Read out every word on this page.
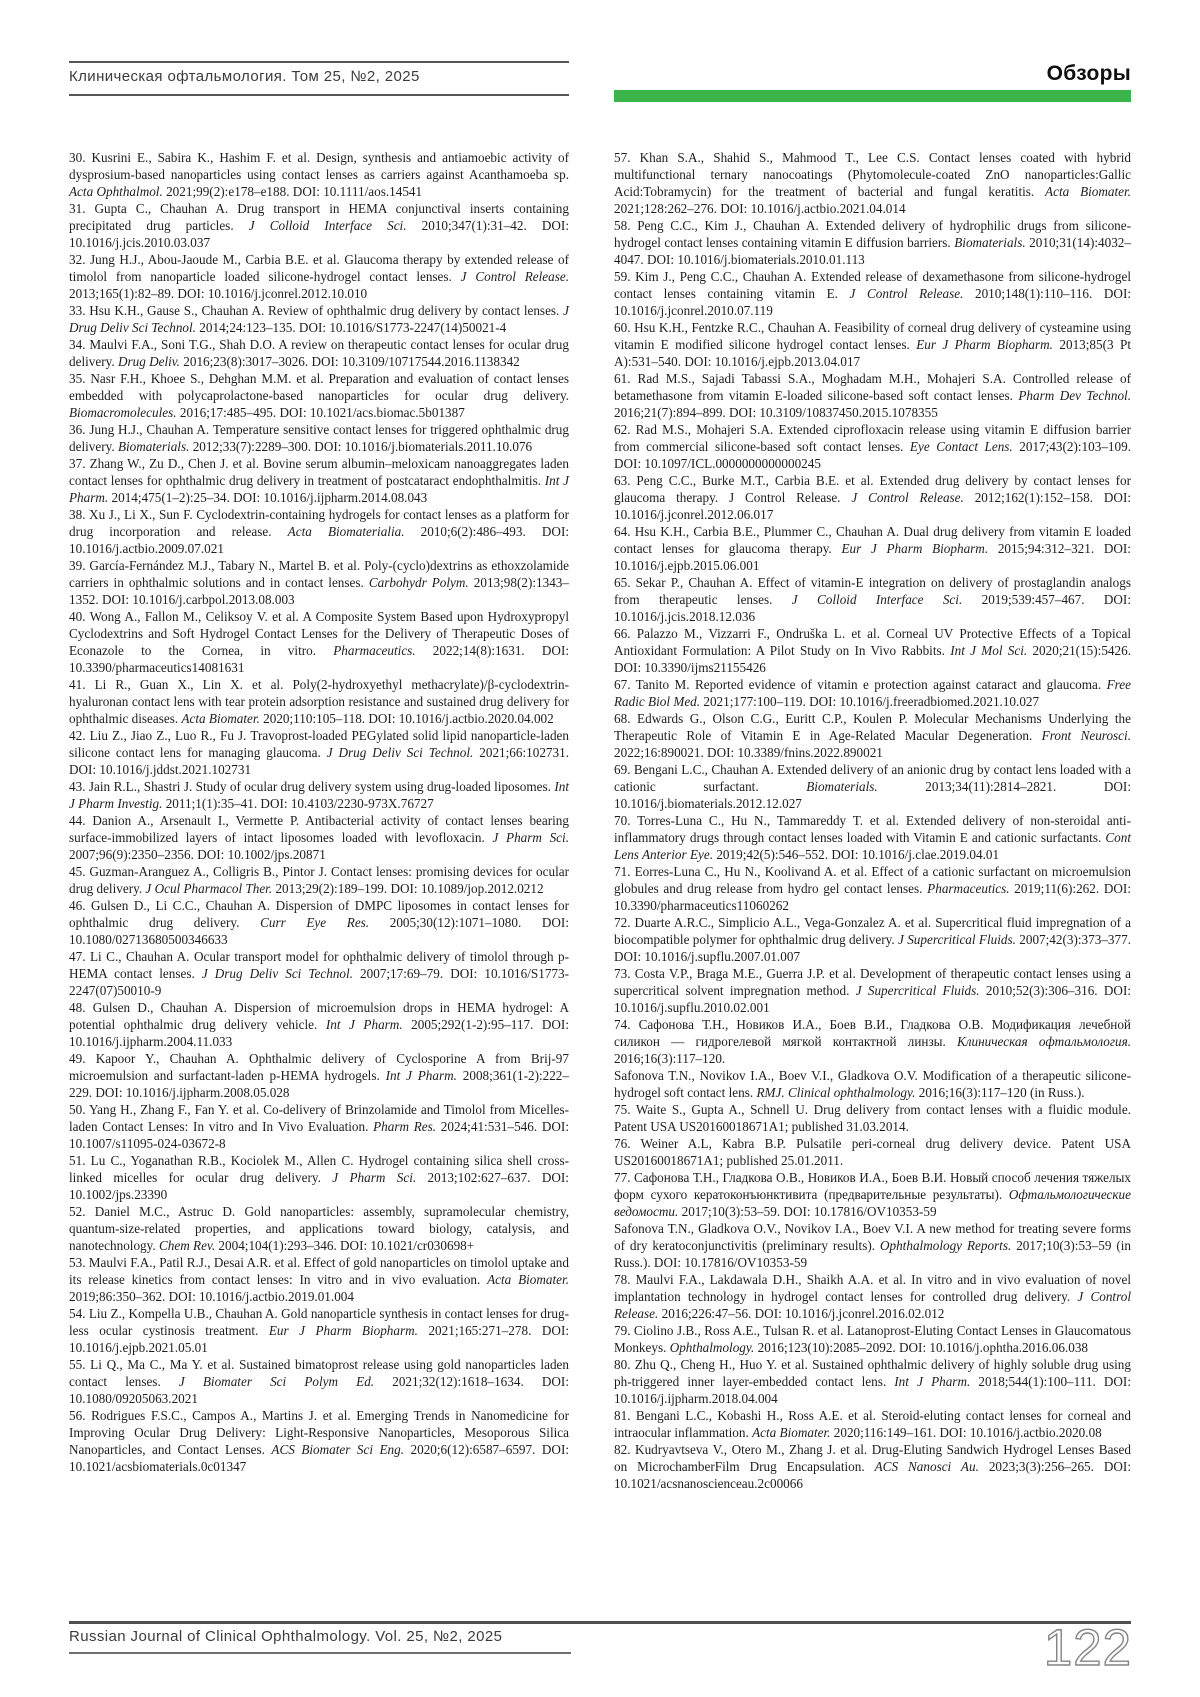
Клиническая офтальмология. Том 25, №2, 2025	Обзоры

30. Kusrini E., Sabira K., Hashim F. et al. Design, synthesis and antiamoebic activity of dysprosium-based nanoparticles using contact lenses as carriers against Acanthamoeba sp. Acta Ophthalmol. 2021;99(2):e178–e188. DOI: 10.1111/aos.14541

31. Gupta C., Chauhan A. Drug transport in HEMA conjunctival inserts containing precipitated drug particles. J Colloid Interface Sci. 2010;347(1):31–42. DOI: 10.1016/j.jcis.2010.03.037

32. Jung H.J., Abou-Jaoude M., Carbia B.E. et al. Glaucoma therapy by extended release of timolol from nanoparticle loaded silicone-hydrogel contact lenses. J Control Release. 2013;165(1):82–89. DOI: 10.1016/j.jconrel.2012.10.010

33. Hsu K.H., Gause S., Chauhan A. Review of ophthalmic drug delivery by contact lenses. J Drug Deliv Sci Technol. 2014;24:123–135. DOI: 10.1016/S1773-2247(14)50021-4

34. Maulvi F.A., Soni T.G., Shah D.O. A review on therapeutic contact lenses for ocular drug delivery. Drug Deliv. 2016;23(8):3017–3026. DOI: 10.3109/10717544.2016.1138342

35. Nasr F.H., Khoee S., Dehghan M.M. et al. Preparation and evaluation of contact lenses embedded with polycaprolactone-based nanoparticles for ocular drug delivery. Biomacromolecules. 2016;17:485–495. DOI: 10.1021/acs.biomac.5b01387

36. Jung H.J., Chauhan A. Temperature sensitive contact lenses for triggered ophthalmic drug delivery. Biomaterials. 2012;33(7):2289–300. DOI: 10.1016/j.biomaterials.2011.10.076

37. Zhang W., Zu D., Chen J. et al. Bovine serum albumin–meloxicam nanoaggregates laden contact lenses for ophthalmic drug delivery in treatment of postcataract endophthalmitis. Int J Pharm. 2014;475(1–2):25–34. DOI: 10.1016/j.ijpharm.2014.08.043

38. Xu J., Li X., Sun F. Cyclodextrin-containing hydrogels for contact lenses as a platform for drug incorporation and release. Acta Biomaterialia. 2010;6(2):486–493. DOI: 10.1016/j.actbio.2009.07.021

39. García-Fernández M.J., Tabary N., Martel B. et al. Poly-(cyclo)dextrins as ethoxzolamide carriers in ophthalmic solutions and in contact lenses. Carbohydr Polym. 2013;98(2):1343–1352. DOI: 10.1016/j.carbpol.2013.08.003

40. Wong A., Fallon M., Celiksoy V. et al. A Composite System Based upon Hydroxypropyl Cyclodextrins and Soft Hydrogel Contact Lenses for the Delivery of Therapeutic Doses of Econazole to the Cornea, in vitro. Pharmaceutics. 2022;14(8):1631. DOI: 10.3390/pharmaceutics14081631

41. Li R., Guan X., Lin X. et al. Poly(2-hydroxyethyl methacrylate)/β-cyclodextrin-hyaluronan contact lens with tear protein adsorption resistance and sustained drug delivery for ophthalmic diseases. Acta Biomater. 2020;110:105–118. DOI: 10.1016/j.actbio.2020.04.002

42. Liu Z., Jiao Z., Luo R., Fu J. Travoprost-loaded PEGylated solid lipid nanoparticle-laden silicone contact lens for managing glaucoma. J Drug Deliv Sci Technol. 2021;66:102731. DOI: 10.1016/j.jddst.2021.102731

43. Jain R.L., Shastri J. Study of ocular drug delivery system using drug-loaded liposomes. Int J Pharm Investig. 2011;1(1):35–41. DOI: 10.4103/2230-973X.76727

44. Danion A., Arsenault I., Vermette P. Antibacterial activity of contact lenses bearing surface-immobilized layers of intact liposomes loaded with levofloxacin. J Pharm Sci. 2007;96(9):2350–2356. DOI: 10.1002/jps.20871

45. Guzman-Aranguez A., Colligris B., Pintor J. Contact lenses: promising devices for ocular drug delivery. J Ocul Pharmacol Ther. 2013;29(2):189–199. DOI: 10.1089/jop.2012.0212

46. Gulsen D., Li C.C., Chauhan A. Dispersion of DMPC liposomes in contact lenses for ophthalmic drug delivery. Curr Eye Res. 2005;30(12):1071–1080. DOI: 10.1080/02713680500346633

47. Li C., Chauhan A. Ocular transport model for ophthalmic delivery of timolol through p-HEMA contact lenses. J Drug Deliv Sci Technol. 2007;17:69–79. DOI: 10.1016/S1773-2247(07)50010-9

48. Gulsen D., Chauhan A. Dispersion of microemulsion drops in HEMA hydrogel: A potential ophthalmic drug delivery vehicle. Int J Pharm. 2005;292(1-2):95–117. DOI: 10.1016/j.ijpharm.2004.11.033

49. Kapoor Y., Chauhan A. Ophthalmic delivery of Cyclosporine A from Brij-97 microemulsion and surfactant-laden p-HEMA hydrogels. Int J Pharm. 2008;361(1-2):222–229. DOI: 10.1016/j.ijpharm.2008.05.028

50. Yang H., Zhang F., Fan Y. et al. Co-delivery of Brinzolamide and Timolol from Micelles-laden Contact Lenses: In vitro and In Vivo Evaluation. Pharm Res. 2024;41:531–546. DOI: 10.1007/s11095-024-03672-8

51. Lu C., Yoganathan R.B., Kociolek M., Allen C. Hydrogel containing silica shell cross-linked micelles for ocular drug delivery. J Pharm Sci. 2013;102:627–637. DOI: 10.1002/jps.23390

52. Daniel M.C., Astruc D. Gold nanoparticles: assembly, supramolecular chemistry, quantum-size-related properties, and applications toward biology, catalysis, and nanotechnology. Chem Rev. 2004;104(1):293–346. DOI: 10.1021/cr030698+

53. Maulvi F.A., Patil R.J., Desai A.R. et al. Effect of gold nanoparticles on timolol uptake and its release kinetics from contact lenses: In vitro and in vivo evaluation. Acta Biomater. 2019;86:350–362. DOI: 10.1016/j.actbio.2019.01.004

54. Liu Z., Kompella U.B., Chauhan A. Gold nanoparticle synthesis in contact lenses for drug-less ocular cystinosis treatment. Eur J Pharm Biopharm. 2021;165:271–278. DOI: 10.1016/j.ejpb.2021.05.01

55. Li Q., Ma C., Ma Y. et al. Sustained bimatoprost release using gold nanoparticles laden contact lenses. J Biomater Sci Polym Ed. 2021;32(12):1618–1634. DOI: 10.1080/09205063.2021

56. Rodrigues F.S.C., Campos A., Martins J. et al. Emerging Trends in Nanomedicine for Improving Ocular Drug Delivery: Light-Responsive Nanoparticles, Mesoporous Silica Nanoparticles, and Contact Lenses. ACS Biomater Sci Eng. 2020;6(12):6587–6597. DOI: 10.1021/acsbiomaterials.0c01347

57. Khan S.A., Shahid S., Mahmood T., Lee C.S. Contact lenses coated with hybrid multifunctional ternary nanocoatings (Phytomolecule-coated ZnO nanoparticles:Gallic Acid:Tobramycin) for the treatment of bacterial and fungal keratitis. Acta Biomater. 2021;128:262–276. DOI: 10.1016/j.actbio.2021.04.014

58. Peng C.C., Kim J., Chauhan A. Extended delivery of hydrophilic drugs from silicone-hydrogel contact lenses containing vitamin E diffusion barriers. Biomaterials. 2010;31(14):4032–4047. DOI: 10.1016/j.biomaterials.2010.01.113

59. Kim J., Peng C.C., Chauhan A. Extended release of dexamethasone from silicone-hydrogel contact lenses containing vitamin E. J Control Release. 2010;148(1):110–116. DOI: 10.1016/j.jconrel.2010.07.119

60. Hsu K.H., Fentzke R.C., Chauhan A. Feasibility of corneal drug delivery of cysteamine using vitamin E modified silicone hydrogel contact lenses. Eur J Pharm Biopharm. 2013;85(3 Pt A):531–540. DOI: 10.1016/j.ejpb.2013.04.017

61. Rad M.S., Sajadi Tabassi S.A., Moghadam M.H., Mohajeri S.A. Controlled release of betamethasone from vitamin E-loaded silicone-based soft contact lenses. Pharm Dev Technol. 2016;21(7):894–899. DOI: 10.3109/10837450.2015.1078355

62. Rad M.S., Mohajeri S.A. Extended ciprofloxacin release using vitamin E diffusion barrier from commercial silicone-based soft contact lenses. Eye Contact Lens. 2017;43(2):103–109. DOI: 10.1097/ICL.0000000000000245

63. Peng C.C., Burke M.T., Carbia B.E. et al. Extended drug delivery by contact lenses for glaucoma therapy. J Control Release. J Control Release. 2012;162(1):152–158. DOI: 10.1016/j.jconrel.2012.06.017

64. Hsu K.H., Carbia B.E., Plummer C., Chauhan A. Dual drug delivery from vitamin E loaded contact lenses for glaucoma therapy. Eur J Pharm Biopharm. 2015;94:312–321. DOI: 10.1016/j.ejpb.2015.06.001

65. Sekar P., Chauhan A. Effect of vitamin-E integration on delivery of prostaglandin analogs from therapeutic lenses. J Colloid Interface Sci. 2019;539:457–467. DOI: 10.1016/j.jcis.2018.12.036

66. Palazzo M., Vizzarri F., Ondruška L. et al. Corneal UV Protective Effects of a Topical Antioxidant Formulation: A Pilot Study on In Vivo Rabbits. Int J Mol Sci. 2020;21(15):5426. DOI: 10.3390/ijms21155426

67. Tanito M. Reported evidence of vitamin e protection against cataract and glaucoma. Free Radic Biol Med. 2021;177:100–119. DOI: 10.1016/j.freeradbiomed.2021.10.027

68. Edwards G., Olson C.G., Euritt C.P., Koulen P. Molecular Mechanisms Underlying the Therapeutic Role of Vitamin E in Age-Related Macular Degeneration. Front Neurosci. 2022;16:890021. DOI: 10.3389/fnins.2022.890021

69. Bengani L.C., Chauhan A. Extended delivery of an anionic drug by contact lens loaded with a cationic surfactant. Biomaterials. 2013;34(11):2814–2821. DOI: 10.1016/j.biomaterials.2012.12.027

70. Torres-Luna C., Hu N., Tammareddy T. et al. Extended delivery of non-steroidal anti-inflammatory drugs through contact lenses loaded with Vitamin E and cationic surfactants. Cont Lens Anterior Eye. 2019;42(5):546–552. DOI: 10.1016/j.clae.2019.04.01

71. Eorres-Luna C., Hu N., Koolivand A. et al. Effect of a cationic surfactant on microemulsion globules and drug release from hydro gel contact lenses. Pharmaceutics. 2019;11(6):262. DOI: 10.3390/pharmaceutics11060262

72. Duarte A.R.C., Simplicio A.L., Vega-Gonzalez A. et al. Supercritical fluid impregnation of a biocompatible polymer for ophthalmic drug delivery. J Supercritical Fluids. 2007;42(3):373–377. DOI: 10.1016/j.supflu.2007.01.007

73. Costa V.P., Braga M.E., Guerra J.P. et al. Development of therapeutic contact lenses using a supercritical solvent impregnation method. J Supercritical Fluids. 2010;52(3):306–316. DOI: 10.1016/j.supflu.2010.02.001

74. Сафонова Т.Н., Новиков И.А., Боев В.И., Гладкова О.В. Модификация лечебной силикон — гидрогелевой мягкой контактной линзы. Клиническая офтальмология. 2016;16(3):117–120.

Safonova T.N., Novikov I.A., Boev V.I., Gladkova O.V. Modification of a therapeutic silicone-hydrogel soft contact lens. RMJ. Clinical ophthalmology. 2016;16(3):117–120 (in Russ.).

75. Waite S., Gupta A., Schnell U. Drug delivery from contact lenses with a fluidic module. Patent USA US20160018671A1; published 31.03.2014.

76. Weiner A.L, Kabra B.P. Pulsatile peri-corneal drug delivery device. Patent USA US20160018671A1; published 25.01.2011.

77. Сафонова Т.Н., Гладкова О.В., Новиков И.А., Боев В.И. Новый способ лечения тяжелых форм сухого кератоконъюнктивита (предварительные результаты). Офтальмологические ведомости. 2017;10(3):53–59. DOI: 10.17816/OV10353-59

Safonova T.N., Gladkova O.V., Novikov I.A., Boev V.I. A new method for treating severe forms of dry keratoconjunctivitis (preliminary results). Ophthalmology Reports. 2017;10(3):53–59 (in Russ.). DOI: 10.17816/OV10353-59

78. Maulvi F.A., Lakdawala D.H., Shaikh A.A. et al. In vitro and in vivo evaluation of novel implantation technology in hydrogel contact lenses for controlled drug delivery. J Control Release. 2016;226:47–56. DOI: 10.1016/j.jconrel.2016.02.012

79. Ciolino J.B., Ross A.E., Tulsan R. et al. Latanoprost-Eluting Contact Lenses in Glaucomatous Monkeys. Ophthalmology. 2016;123(10):2085–2092. DOI: 10.1016/j.ophtha.2016.06.038

80. Zhu Q., Cheng H., Huo Y. et al. Sustained ophthalmic delivery of highly soluble drug using ph-triggered inner layer-embedded contact lens. Int J Pharm. 2018;544(1):100–111. DOI: 10.1016/j.ijpharm.2018.04.004

81. Bengani L.C., Kobashi H., Ross A.E. et al. Steroid-eluting contact lenses for corneal and intraocular inflammation. Acta Biomater. 2020;116:149–161. DOI: 10.1016/j.actbio.2020.08

82. Kudryavtseva V., Otero M., Zhang J. et al. Drug-Eluting Sandwich Hydrogel Lenses Based on MicrochamberFilm Drug Encapsulation. ACS Nanosci Au. 2023;3(3):256–265. DOI: 10.1021/acsnanoscienceau.2c00066

Russian Journal of Clinical Ophthalmology. Vol. 25, №2, 2025	122
